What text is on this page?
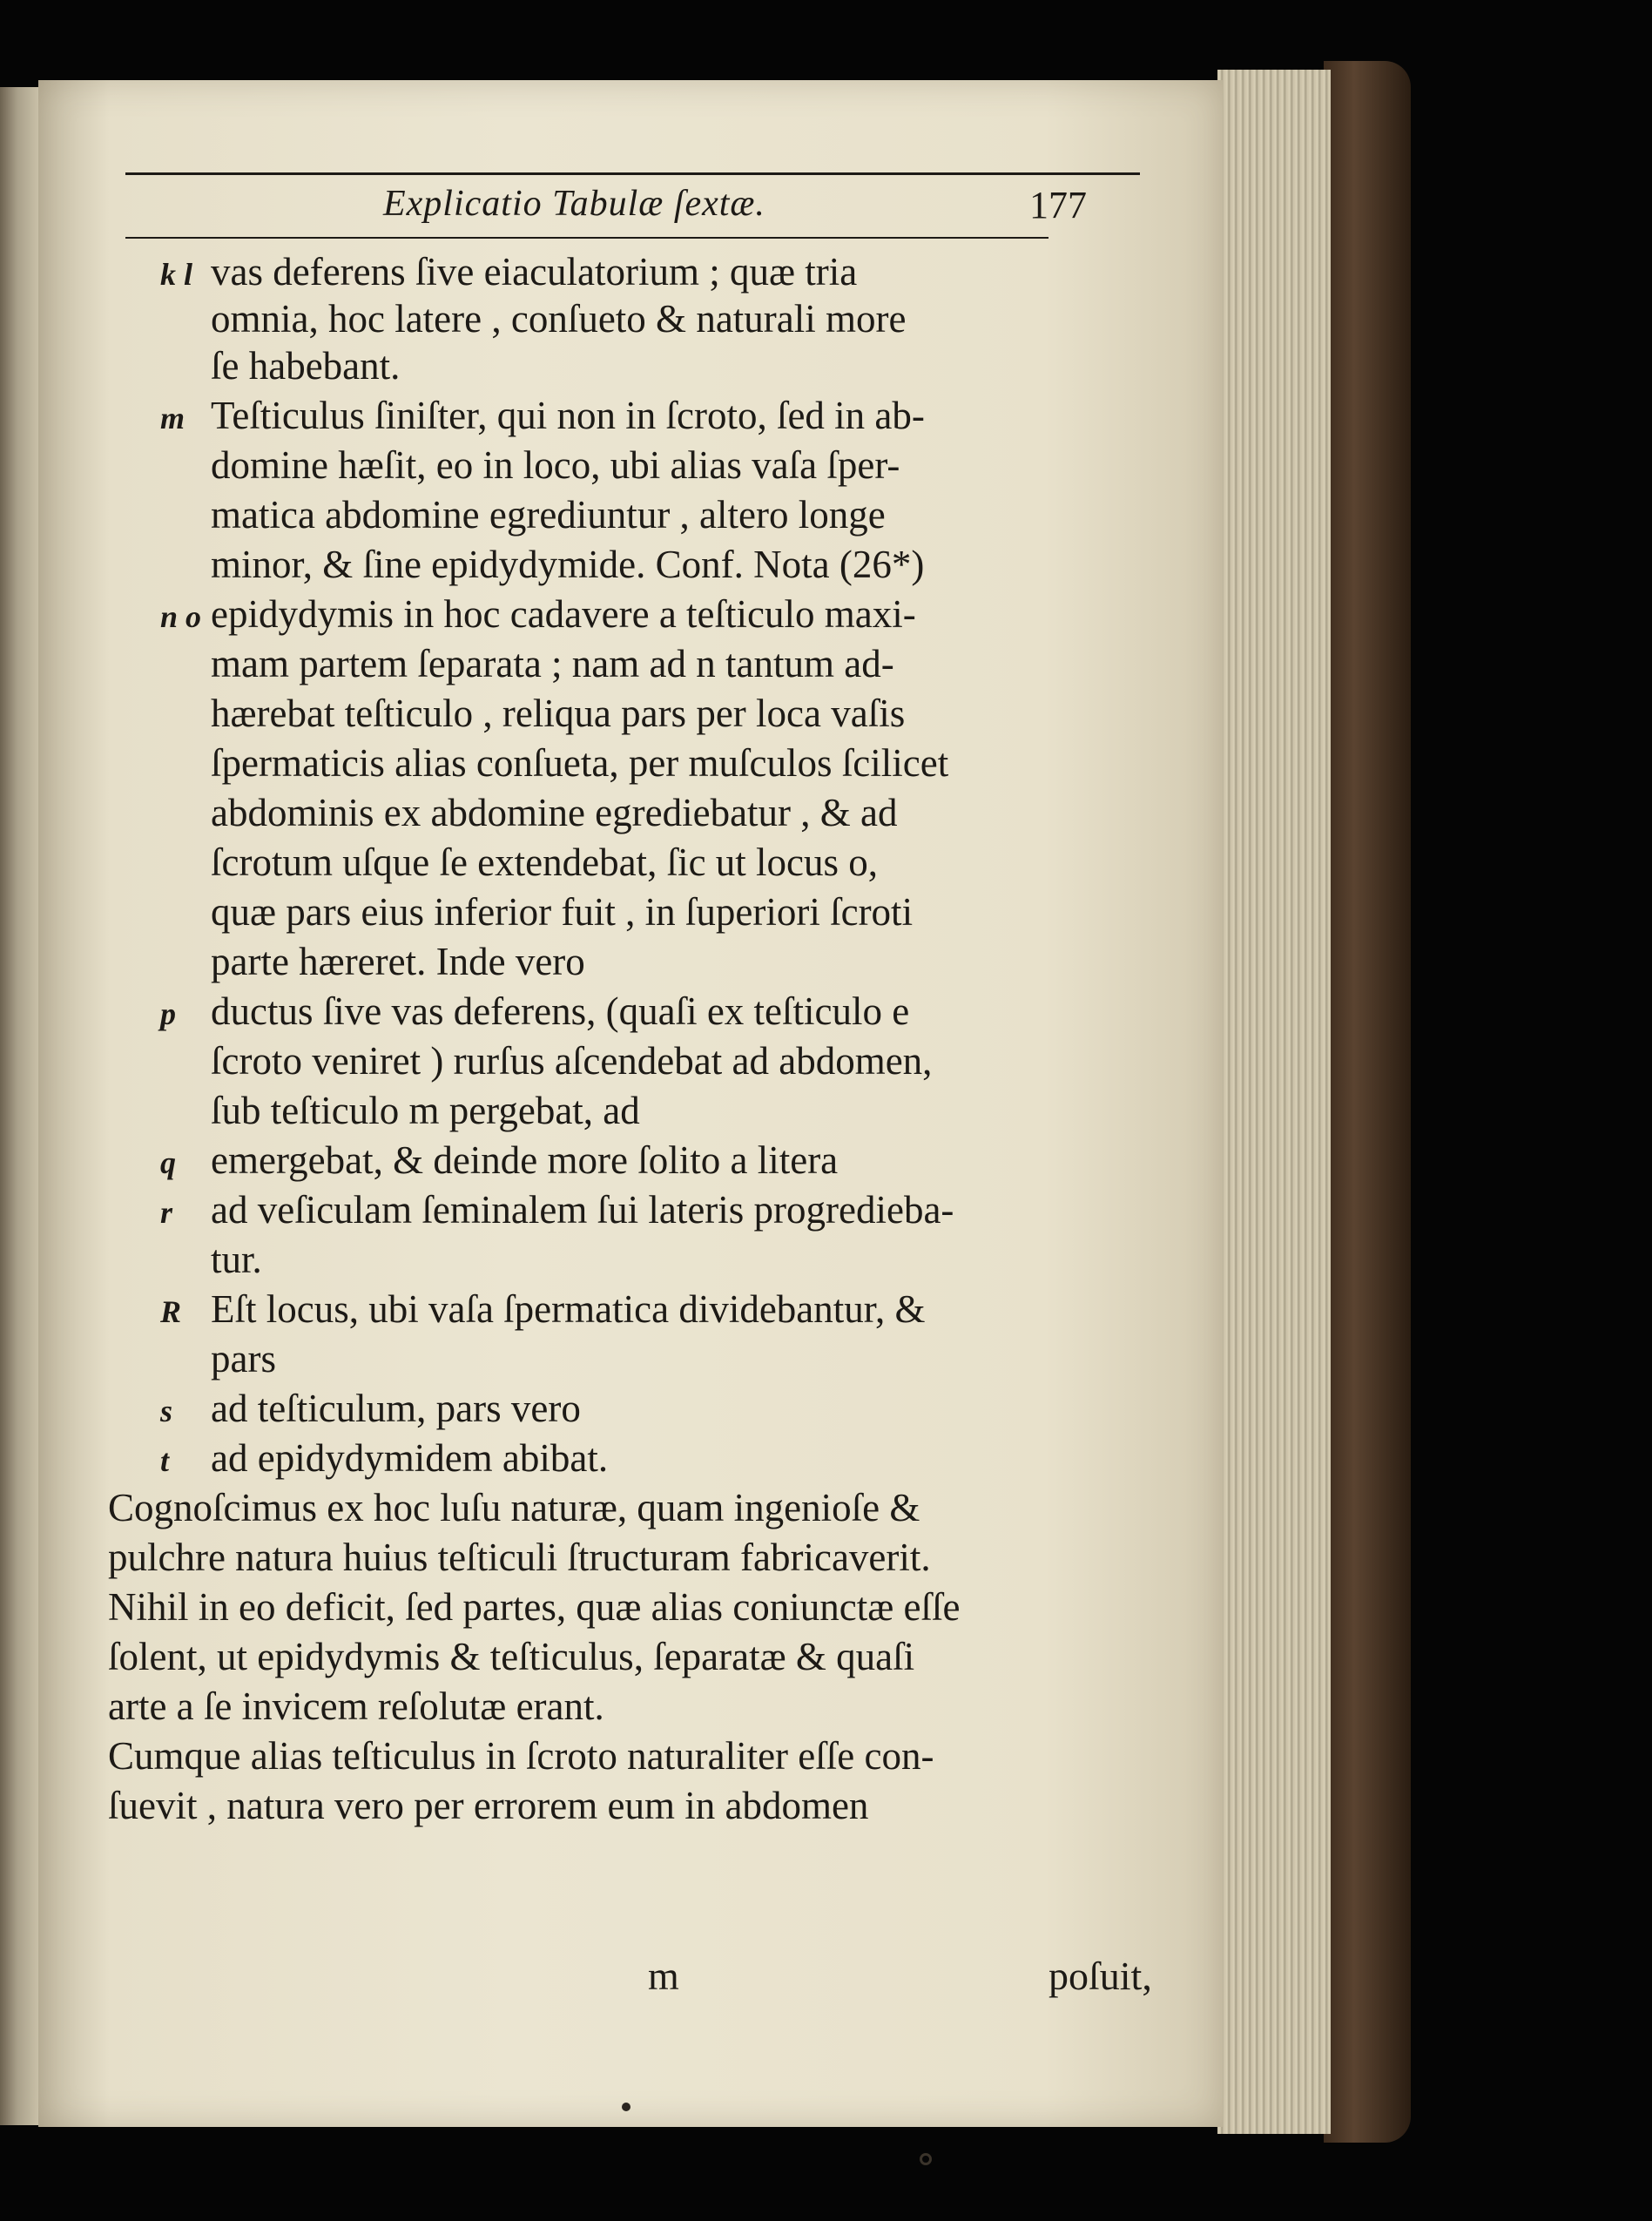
Explicatio Tabulæ ſextæ.	177
k l vas deferens ſive eiaculatorium ; quæ tria
omnia, hoc latere , conſueto & naturali more
ſe habebant.
m Teſticulus ſiniſter, qui non in ſcroto, ſed in ab-
domine hæſit, eo in loco, ubi alias vaſa ſper-
matica abdomine egrediuntur , altero longe
minor, & ſine epidydymide. Conf. Nota (26*)
n o epidydymis in hoc cadavere a teſticulo maxi-
mam partem ſeparata ; nam ad n tantum ad-
hærebat teſticulo , reliqua pars per loca vaſis
ſpermaticis alias conſueta, per muſculos ſcilicet
abdominis ex abdomine egrediebatur , & ad
ſcrotum uſque ſe extendebat, ſic ut locus o,
quæ pars eius inferior fuit , in ſuperiori ſcroti
parte hæreret. Inde vero
p ductus ſive vas deferens, (quaſi ex teſticulo e
ſcroto veniret ) rurſus aſcendebat ad abdomen,
ſub teſticulo m pergebat, ad
q emergebat, & deinde more ſolito a litera
r ad veſiculam ſeminalem ſui lateris progredieba-
tur.
R Eſt locus, ubi vaſa ſpermatica dividebantur, &
pars
s ad teſticulum, pars vero
t ad epidydymidem abibat.
Cognoſcimus ex hoc luſu naturæ, quam ingenioſe &
pulchre natura huius teſticuli ſtructuram fabricaverit.
Nihil in eo deficit, ſed partes, quæ alias coniunctæ eſſe
ſolent, ut epidydymis & teſticulus, ſeparatæ & quaſi
arte a ſe invicem reſolutæ erant.
Cumque alias teſticulus in ſcroto naturaliter eſſe con-
ſuevit , natura vero per errorem eum in abdomen
m	poſuit,
